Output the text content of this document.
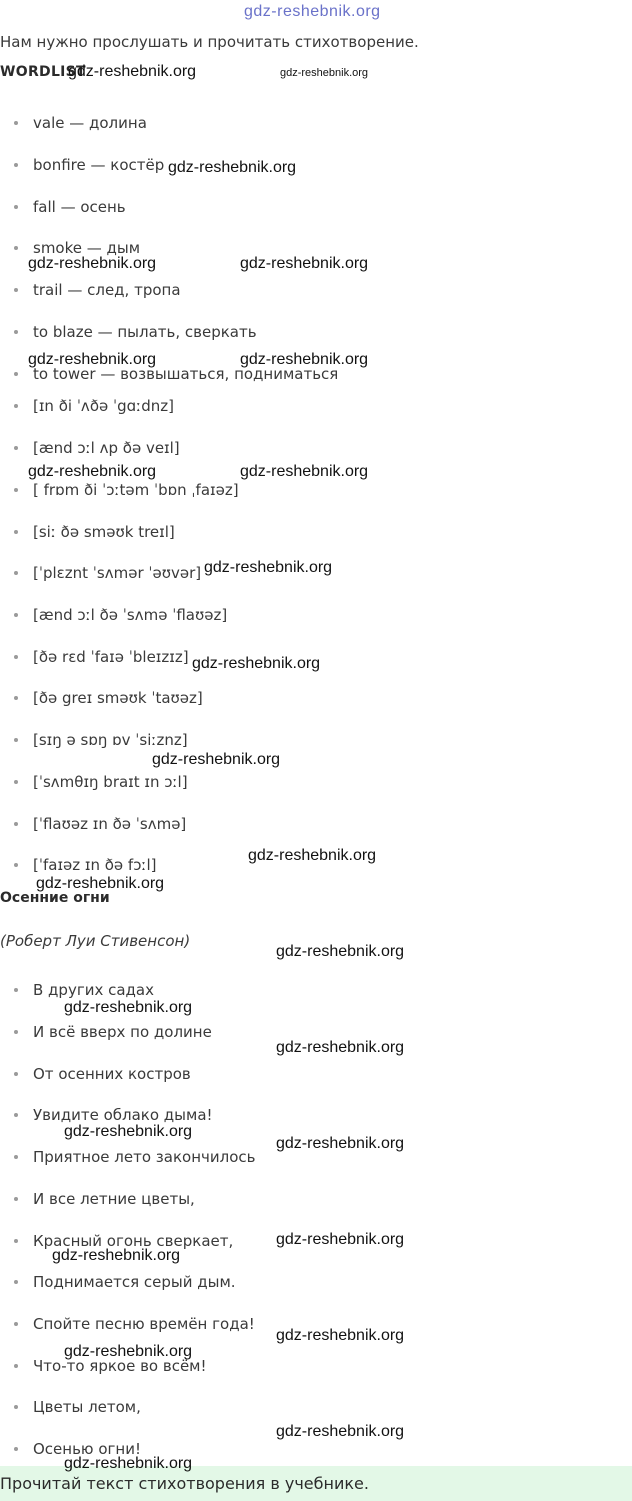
gdz-reshebnik.org
Нам нужно прослушать и прочитать стихотворение.
WORDLIST
gdz-reshebnik.org	gdz-reshebnik.org
vale — долина
bonfire — костёр
fall — осень
smoke — дым
trail — след, тропа
to blaze — пылать, сверкать
to tower — возвышаться, подниматься
[ɪn ði ˈʌðə ˈgɑːdnz]
[ænd ɔːl ʌp ðə veɪl]
[ frɒm ði ˈɔːtəm ˈbɒn ˌfaɪəz]
[siː ðə sməʊk treɪl]
[ˈplɛznt ˈsʌmər ˈəʊvər]
[ænd ɔːl ðə ˈsʌmə ˈflaʊəz]
[ðə rɛd ˈfaɪə ˈbleɪzɪz]
[ðə greɪ sməʊk ˈtaʊəz]
[sɪŋ ə sɒŋ ɒv ˈsiːznz]
[ˈsʌmθɪŋ braɪt ɪn ɔːl]
[ˈflaʊəz ɪn ðə ˈsʌmə]
[ˈfaɪəz ɪn ðə fɔːl]
Осенние огни
(Роберт Луи Стивенсон)
В других садах
И всё вверх по долине
От осенних костров
Увидите облако дыма!
Приятное лето закончилось
И все летние цветы,
Красный огонь сверкает,
Поднимается серый дым.
Спойте песню времён года!
Что-то яркое во всём!
Цветы летом,
Осенью огни!
Прочитай текст стихотворения в учебнике.
gdz-reshebnik.org
gdz-reshebnik.org	gdz-reshebnik.org
gdz-reshebnik.org	gdz-reshebnik.org
gdz-reshebnik.org	gdz-reshebnik.org
gdz-reshebnik.org
gdz-reshebnik.org
gdz-reshebnik.org
gdz-reshebnik.org
gdz-reshebnik.org
gdz-reshebnik.org
gdz-reshebnik.org
gdz-reshebnik.org
gdz-reshebnik.org
gdz-reshebnik.org
gdz-reshebnik.org
gdz-reshebnik.org
gdz-reshebnik.org
gdz-reshebnik.org
gdz-reshebnik.org
gdz-reshebnik.org
